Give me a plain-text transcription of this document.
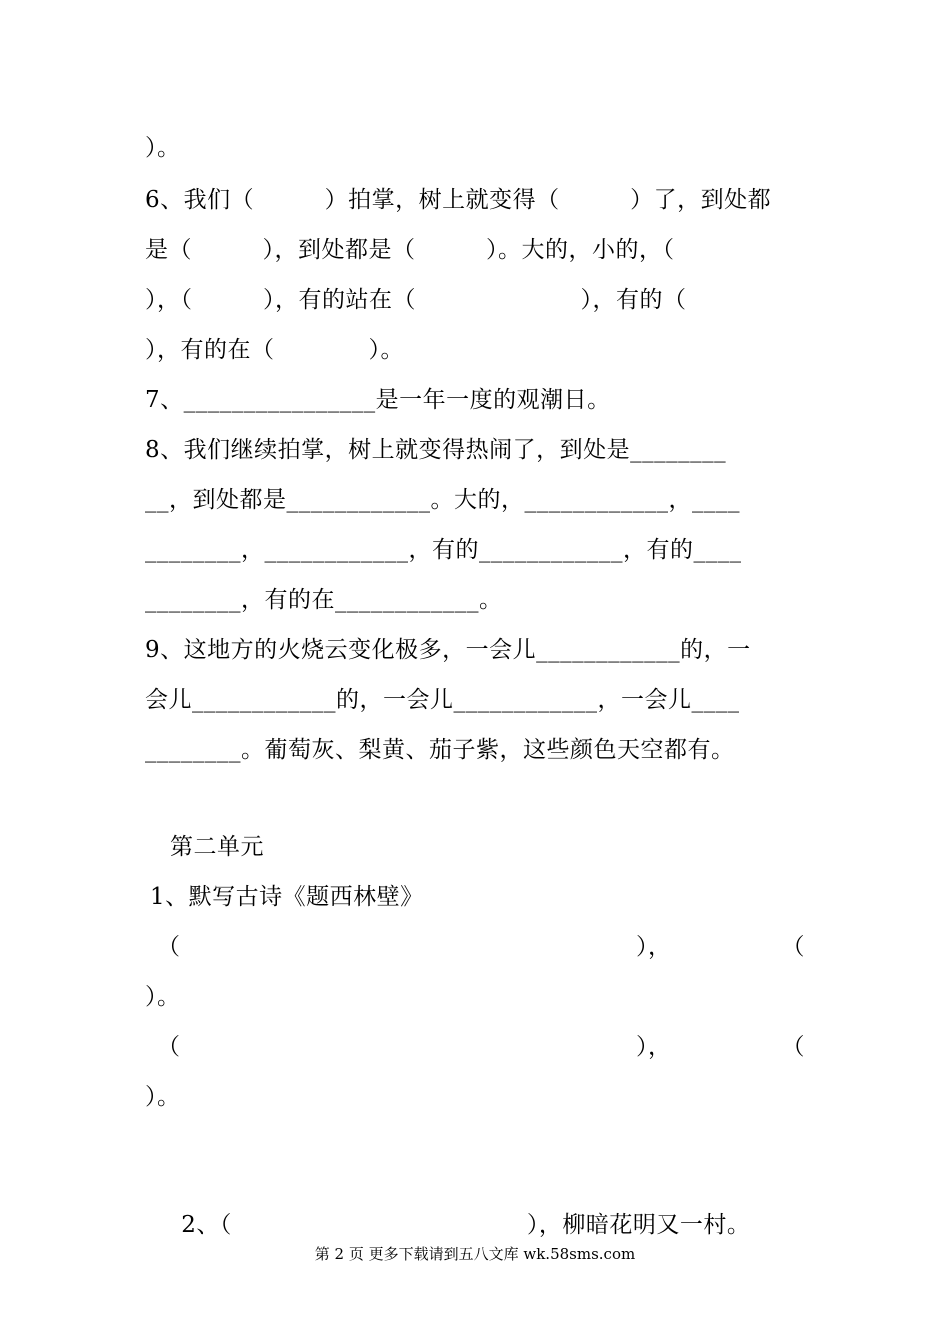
）。
6、我们（　　　）拍掌，树上就变得（　　　）了，到处都
是（　　　），到处都是（　　　）。大的，小的，（
），（　　　），有的站在（　　　　　　　），有的（
），有的在（　　　　）。
7、________________是一年一度的观潮日。
8、我们继续拍掌，树上就变得热闹了，到处是________
__，到处都是____________。大的，____________，____
________，____________，有的____________，有的____
________，有的在____________。
9、这地方的火烧云变化极多，一会儿____________的，一
会儿____________的，一会儿____________，一会儿____
________。葡萄灰、梨黄、茄子紫，这些颜色天空都有。
第二单元
1、默写古诗《题西林壁》
（	），	（
）。
（	），	（
）。

2、（	），柳暗花明又一村。

第 2 页 更多下载请到五八文库 wk.58sms.com
